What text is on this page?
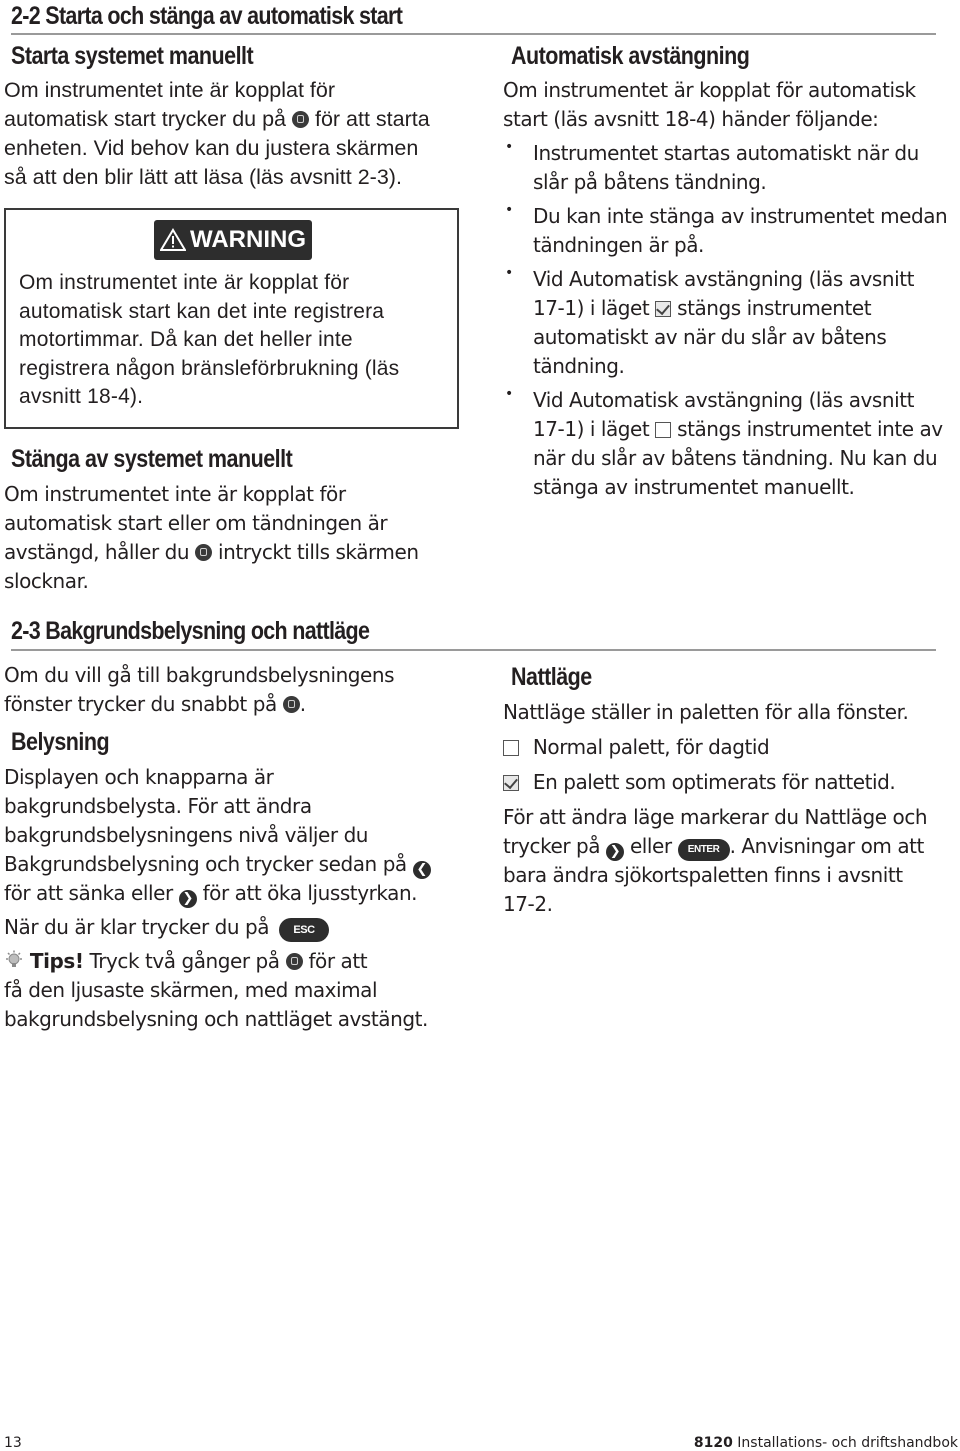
2-2 Starta och stänga av automatisk start
Starta systemet manuellt

Om instrumentet inte är kopplat för

automatisk start trycker du på för att starta

enheten. Vid behov kan du justera skärmen

så att den blir lätt att läsa (läs avsnitt 2-3).

WARNING

Om instrumentet inte är kopplat för

automatisk start kan det inte registrera

motortimmar. Då kan det heller inte

registrera någon bränsleförbrukning (läs

avsnitt 18-4).

Stänga av systemet manuellt

Om instrumentet inte är kopplat för

automatisk start eller om tändningen är

avstängd, håller du intryckt tills skärmen

slocknar.

Automatisk avstängning

Om instrumentet är kopplat för automatisk

start (läs avsnitt 18-4) händer följande:

• Instrumentet startas automatiskt när du

slår på båtens tändning.

• Du kan inte stänga av instrumentet medan

tändningen är på.

• Vid Automatisk avstängning (läs avsnitt

17-1) i läget stängs instrumentet

automatiskt av när du slår av båtens

tändning.

• Vid Automatisk avstängning (läs avsnitt

17-1) i läget stängs instrumentet inte av

när du slår av båtens tändning. Nu kan du

stänga av instrumentet manuellt.

2-3 Bakgrundsbelysning och nattläge

Om du vill gå till bakgrundsbelysningens

fönster trycker du snabbt på .

Belysning

Displayen och knapparna är

bakgrundsbelysta. För att ändra

bakgrundsbelysningens nivå väljer du

Bakgrundsbelysning och trycker sedan på ❮

för att sänka eller ❯ för att öka ljusstyrkan.

När du är klar trycker du på ESC

Tips! Tryck två gånger på för att

få den ljusaste skärmen, med maximal

bakgrundsbelysning och nattläget avstängt.

Nattläge

Nattläge ställer in paletten för alla fönster.

Normal palett, för dagtid

En palett som optimerats för nattetid.

För att ändra läge markerar du Nattläge och

trycker på ❯ eller ENTER . Anvisningar om att

bara ändra sjökortspaletten finns i avsnitt

17-2.

13	8120 Installations- och driftshandbok
